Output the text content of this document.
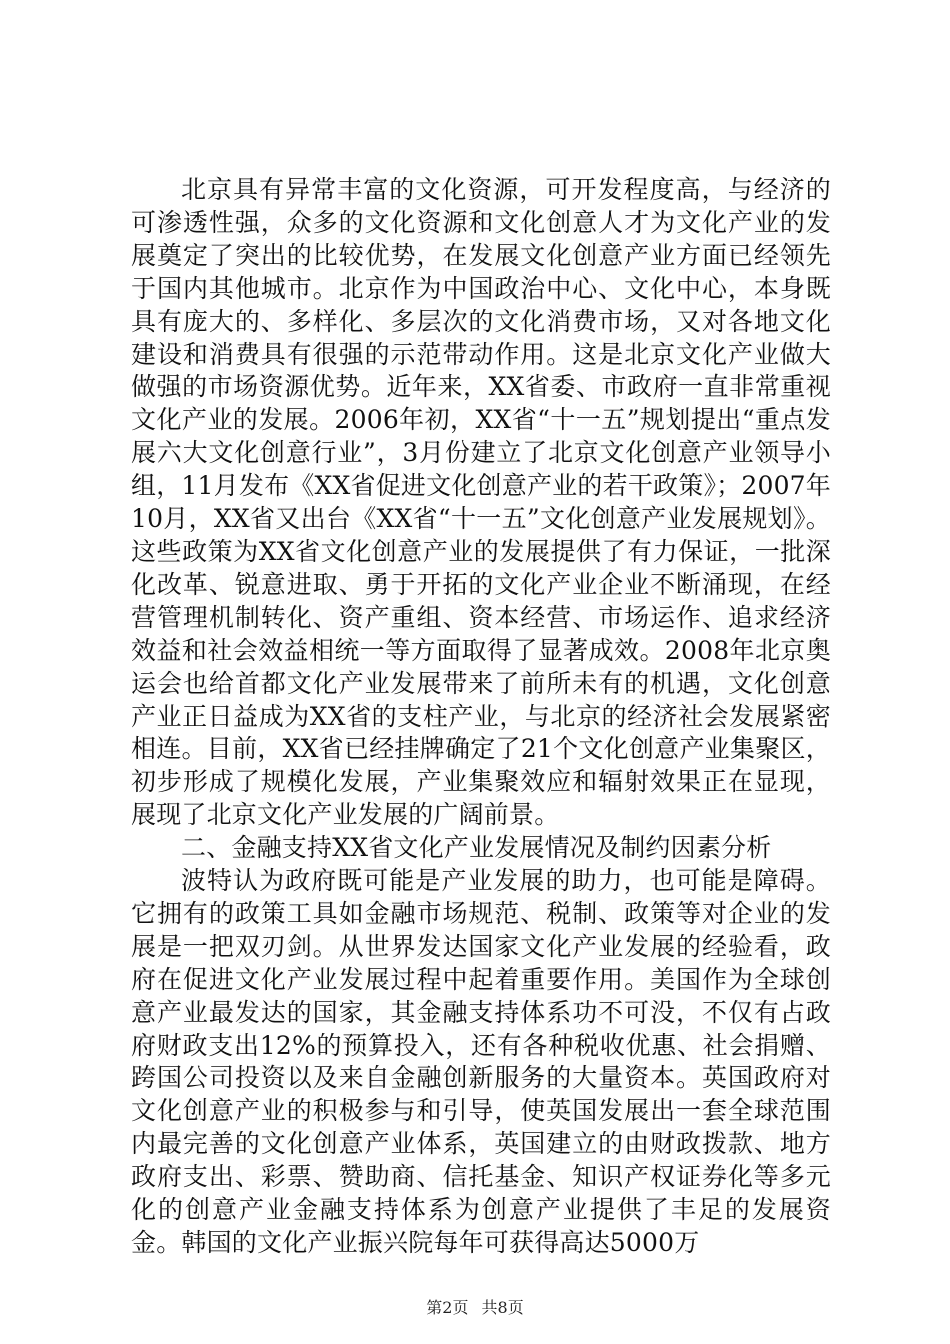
北京具有异常丰富的文化资源，可开发程度高，与经济的可渗透性强，众多的文化资源和文化创意人才为文化产业的发展奠定了突出的比较优势，在发展文化创意产业方面已经领先于国内其他城市。北京作为中国政治中心、文化中心，本身既具有庞大的、多样化、多层次的文化消费市场，又对各地文化建设和消费具有很强的示范带动作用。这是北京文化产业做大做强的市场资源优势。近年来，XX省委、市政府一直非常重视文化产业的发展。2006年初，XX省“十一五”规划提出“重点发展六大文化创意行业”，3月份建立了北京文化创意产业领导小组，11月发布《XX省促进文化创意产业的若干政策》；2007年10月，XX省又出台《XX省“十一五”文化创意产业发展规划》。这些政策为XX省文化创意产业的发展提供了有力保证，一批深化改革、锐意进取、勇于开拓的文化产业企业不断涌现，在经营管理机制转化、资产重组、资本经营、市场运作、追求经济效益和社会效益相统一等方面取得了显著成效。2008年北京奥运会也给首都文化产业发展带来了前所未有的机遇，文化创意产业正日益成为XX省的支柱产业，与北京的经济社会发展紧密相连。目前，XX省已经挂牌确定了21个文化创意产业集聚区，初步形成了规模化发展，产业集聚效应和辐射效果正在显现，展现了北京文化产业发展的广阔前景。

二、金融支持XX省文化产业发展情况及制约因素分析

波特认为政府既可能是产业发展的助力，也可能是障碍。它拥有的政策工具如金融市场规范、税制、政策等对企业的发展是一把双刃剑。从世界发达国家文化产业发展的经验看，政府在促进文化产业发展过程中起着重要作用。美国作为全球创意产业最发达的国家，其金融支持体系功不可没，不仅有占政府财政支出12%的预算投入，还有各种税收优惠、社会捐赠、跨国公司投资以及来自金融创新服务的大量资本。英国政府对文化创意产业的积极参与和引导，使英国发展出一套全球范围内最完善的文化创意产业体系，英国建立的由财政拨款、地方政府支出、彩票、赞助商、信托基金、知识产权证券化等多元化的创意产业金融支持体系为创意产业提供了丰足的发展资金。韩国的文化产业振兴院每年可获得高达5000万

第2页 共8页
